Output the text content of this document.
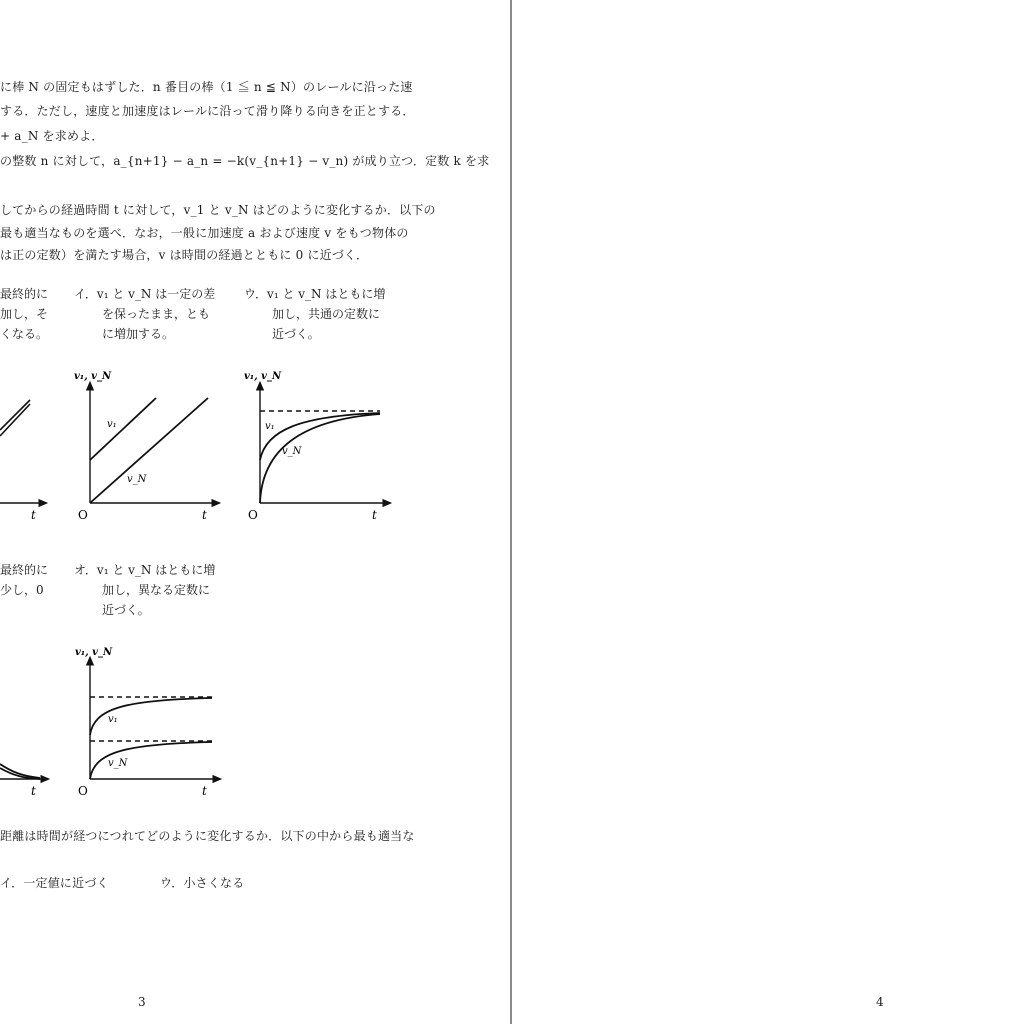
に棒 N の固定もはずした．n 番目の棒（1 ≦ n ≦ N）のレールに沿った速
する．ただし，速度と加速度はレールに沿って滑り降りる向きを正とする．
+ a_N を求めよ．
の整数 n に対して，a_{n+1} − a_n = −k(v_{n+1} − v_n) が成り立つ．定数 k を求
してからの経過時間 t に対して，v_1 と v_N はどのように変化するか．以下の
最も適当なものを選べ．なお，一般に加速度 a および速度 v をもつ物体の
は正の定数）を満たす場合，v は時間の経過とともに 0 に近づく．
最終的に
加し，そ
くなる。
イ．v₁ と v_N は一定の差
を保ったまま，とも
に増加する。
ウ．v₁ と v_N はともに増
加し，共通の定数に
近づく。
最終的に
少し，0
オ．v₁ と v_N はともに増
加し，異なる定数に
近づく。
t
v₁, v_N
v₁
v_N
O	t
v₁, v_N
v₁
v_N
O	t
t
v₁, v_N
v₁
v_N
O	t
距離は時間が経つにつれてどのように変化するか．以下の中から最も適当な
イ．一定値に近づく	ウ．小さくなる
3	4
